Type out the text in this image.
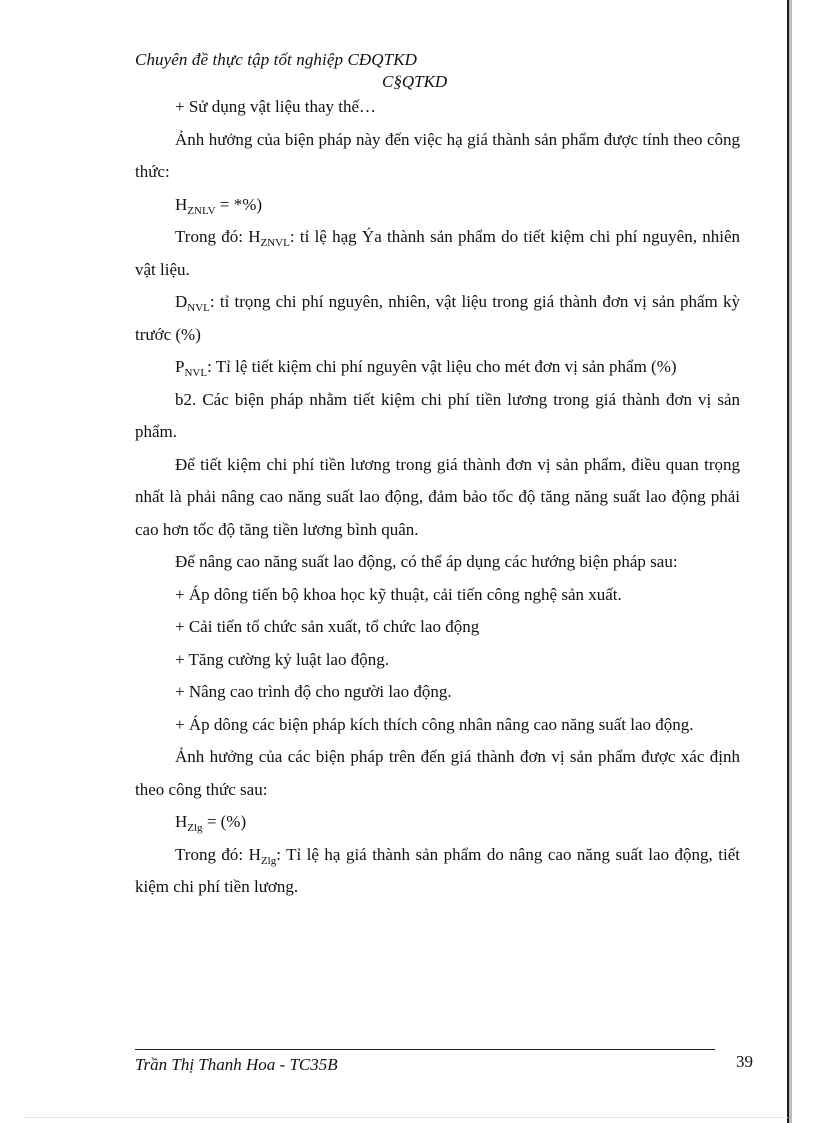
Chuyên đề thực tập tốt nghiệp CĐQTKD
C§QTKD

+ Sử dụng vật liệu thay thế…

Ảnh hưởng của biện pháp này đến việc hạ giá thành sản phẩm được tính theo công thức:

$H_{ZNLV}$ = *%)

Trong đó: $H_{ZNVL}$: tỉ lệ hạg Ýa thành sản phẩm do tiết kiệm chi phí nguyên, nhiên vật liệu.

$D_{NVL}$: tỉ trọng chi phí nguyên, nhiên, vật liệu trong giá thành đơn vị sản phẩm kỳ trước (%)

$P_{NVL}$: Tỉ lệ tiết kiệm chi phí nguyên vật liệu cho mét đơn vị sản phẩm (%)

b2. Các biện pháp nhằm tiết kiệm chi phí tiền lương trong giá thành đơn vị sản phẩm.

Để tiết kiệm chi phí tiền lương trong giá thành đơn vị sản phẩm, điều quan trọng nhất là phải nâng cao năng suất lao động, đảm bảo tốc độ tăng năng suất lao động phải cao hơn tốc độ tăng tiền lương bình quân.

Để nâng cao năng suất lao động, có thể áp dụng các hướng biện pháp sau:

+ Áp dông tiến bộ khoa học kỹ thuật, cải tiến công nghệ sản xuất.

+ Cải tiến tổ chức sản xuất, tổ chức lao động

+ Tăng cường kỷ luật lao động.

+ Nâng cao trình độ cho người lao động.

+ Áp dông các biện pháp kích thích công nhân nâng cao năng suất lao động.

Ảnh hưởng của các biện pháp trên đến giá thành đơn vị sản phẩm được xác định theo công thức sau:

$H_{Zlg}$ = (%)

Trong đó: $H_{Zlg}$: Tỉ lệ hạ giá thành sản phẩm do nâng cao năng suất lao động, tiết kiệm chi phí tiền lương.

Trần Thị Thanh Hoa - TC35B	39
